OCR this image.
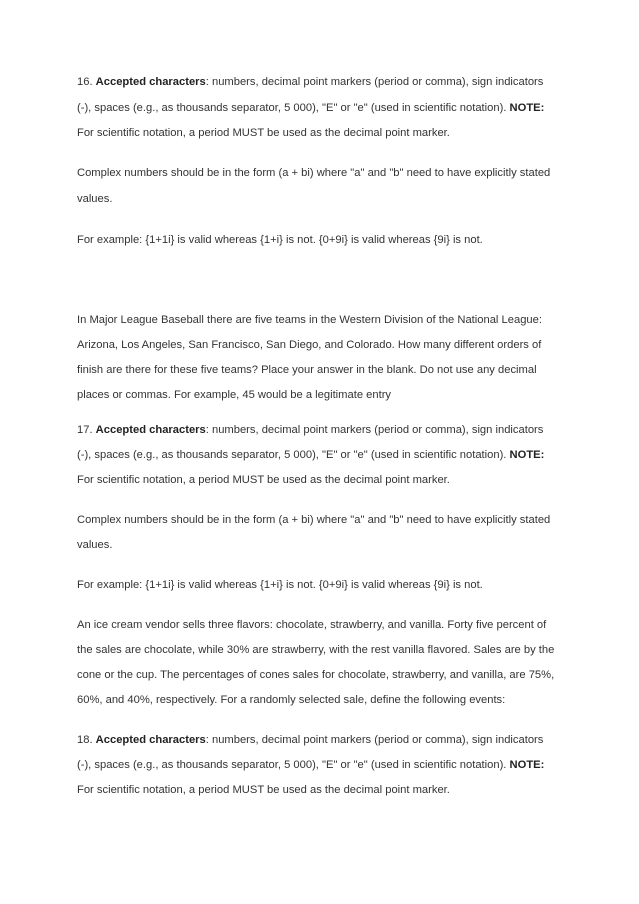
16. Accepted characters: numbers, decimal point markers (period or comma), sign indicators
(-), spaces (e.g., as thousands separator, 5 000), "E" or "e" (used in scientific notation). NOTE:
For scientific notation, a period MUST be used as the decimal point marker.
Complex numbers should be in the form (a + bi) where "a" and "b" need to have explicitly stated
values.
For example: {1+1i} is valid whereas {1+i} is not. {0+9i} is valid whereas {9i} is not.
In Major League Baseball there are five teams in the Western Division of the National League:
Arizona, Los Angeles, San Francisco, San Diego, and Colorado. How many different orders of
finish are there for these five teams? Place your answer in the blank. Do not use any decimal
places or commas. For example, 45 would be a legitimate entry
17. Accepted characters: numbers, decimal point markers (period or comma), sign indicators
(-), spaces (e.g., as thousands separator, 5 000), "E" or "e" (used in scientific notation). NOTE:
For scientific notation, a period MUST be used as the decimal point marker.
Complex numbers should be in the form (a + bi) where "a" and "b" need to have explicitly stated
values.
For example: {1+1i} is valid whereas {1+i} is not. {0+9i} is valid whereas {9i} is not.
An ice cream vendor sells three flavors: chocolate, strawberry, and vanilla. Forty five percent of
the sales are chocolate, while 30% are strawberry, with the rest vanilla flavored. Sales are by the
cone or the cup. The percentages of cones sales for chocolate, strawberry, and vanilla, are 75%,
60%, and 40%, respectively. For a randomly selected sale, define the following events:
18. Accepted characters: numbers, decimal point markers (period or comma), sign indicators
(-), spaces (e.g., as thousands separator, 5 000), "E" or "e" (used in scientific notation). NOTE:
For scientific notation, a period MUST be used as the decimal point marker.
